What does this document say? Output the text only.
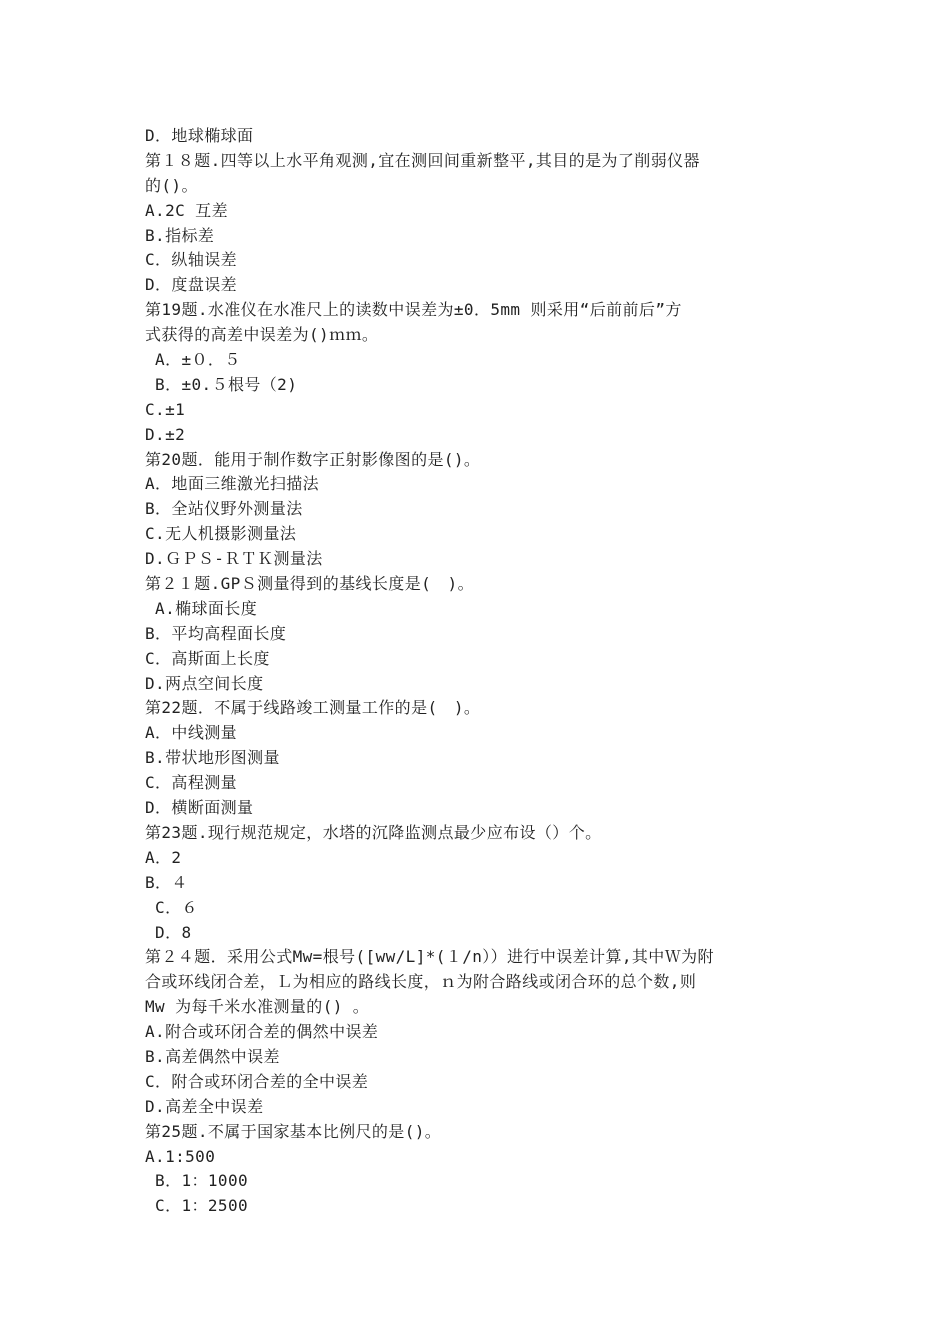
D．地球椭球面
第１８题.四等以上水平角观测,宜在测回间重新整平,其目的是为了削弱仪器
的()。
A.2C 互差
B.指标差
C．纵轴误差
D．度盘误差
第19题.水准仪在水准尺上的读数中误差为±0．5mm 则采用“后前前后”方
式获得的高差中误差为()ｍｍ。
A．±０．５
B．±0.５根号（2)
C.±1
D.±2
第20题．能用于制作数字正射影像图的是()。
A．地面三维激光扫描法
B．全站仪野外测量法
C.无人机摄影测量法
D.ＧＰＳ-ＲＴＫ测量法
第２１题.GPＳ测量得到的基线长度是(　)。
A.椭球面长度
B．平均高程面长度
C．高斯面上长度
D.两点空间长度
第22题．不属于线路竣工测量工作的是(　)。
A．中线测量
B.带状地形图测量
C．高程测量
D．横断面测量
第23题.现行规范规定，水塔的沉降监测点最少应布设（）个。
A．2
B．４
C．６
D．8
第２４题．采用公式Mw=根号([ww/L]*(１/n））进行中误差计算,其中Ｗ为附
合或环线闭合差，Ｌ为相应的路线长度，ｎ为附合路线或闭合环的总个数,则
Mw 为每千米水准测量的() 。
A.附合或环闭合差的偶然中误差
B.高差偶然中误差
C．附合或环闭合差的全中误差
D.高差全中误差
第25题.不属于国家基本比例尺的是()。
A.1:500
B．1：1000
C．1：2500
